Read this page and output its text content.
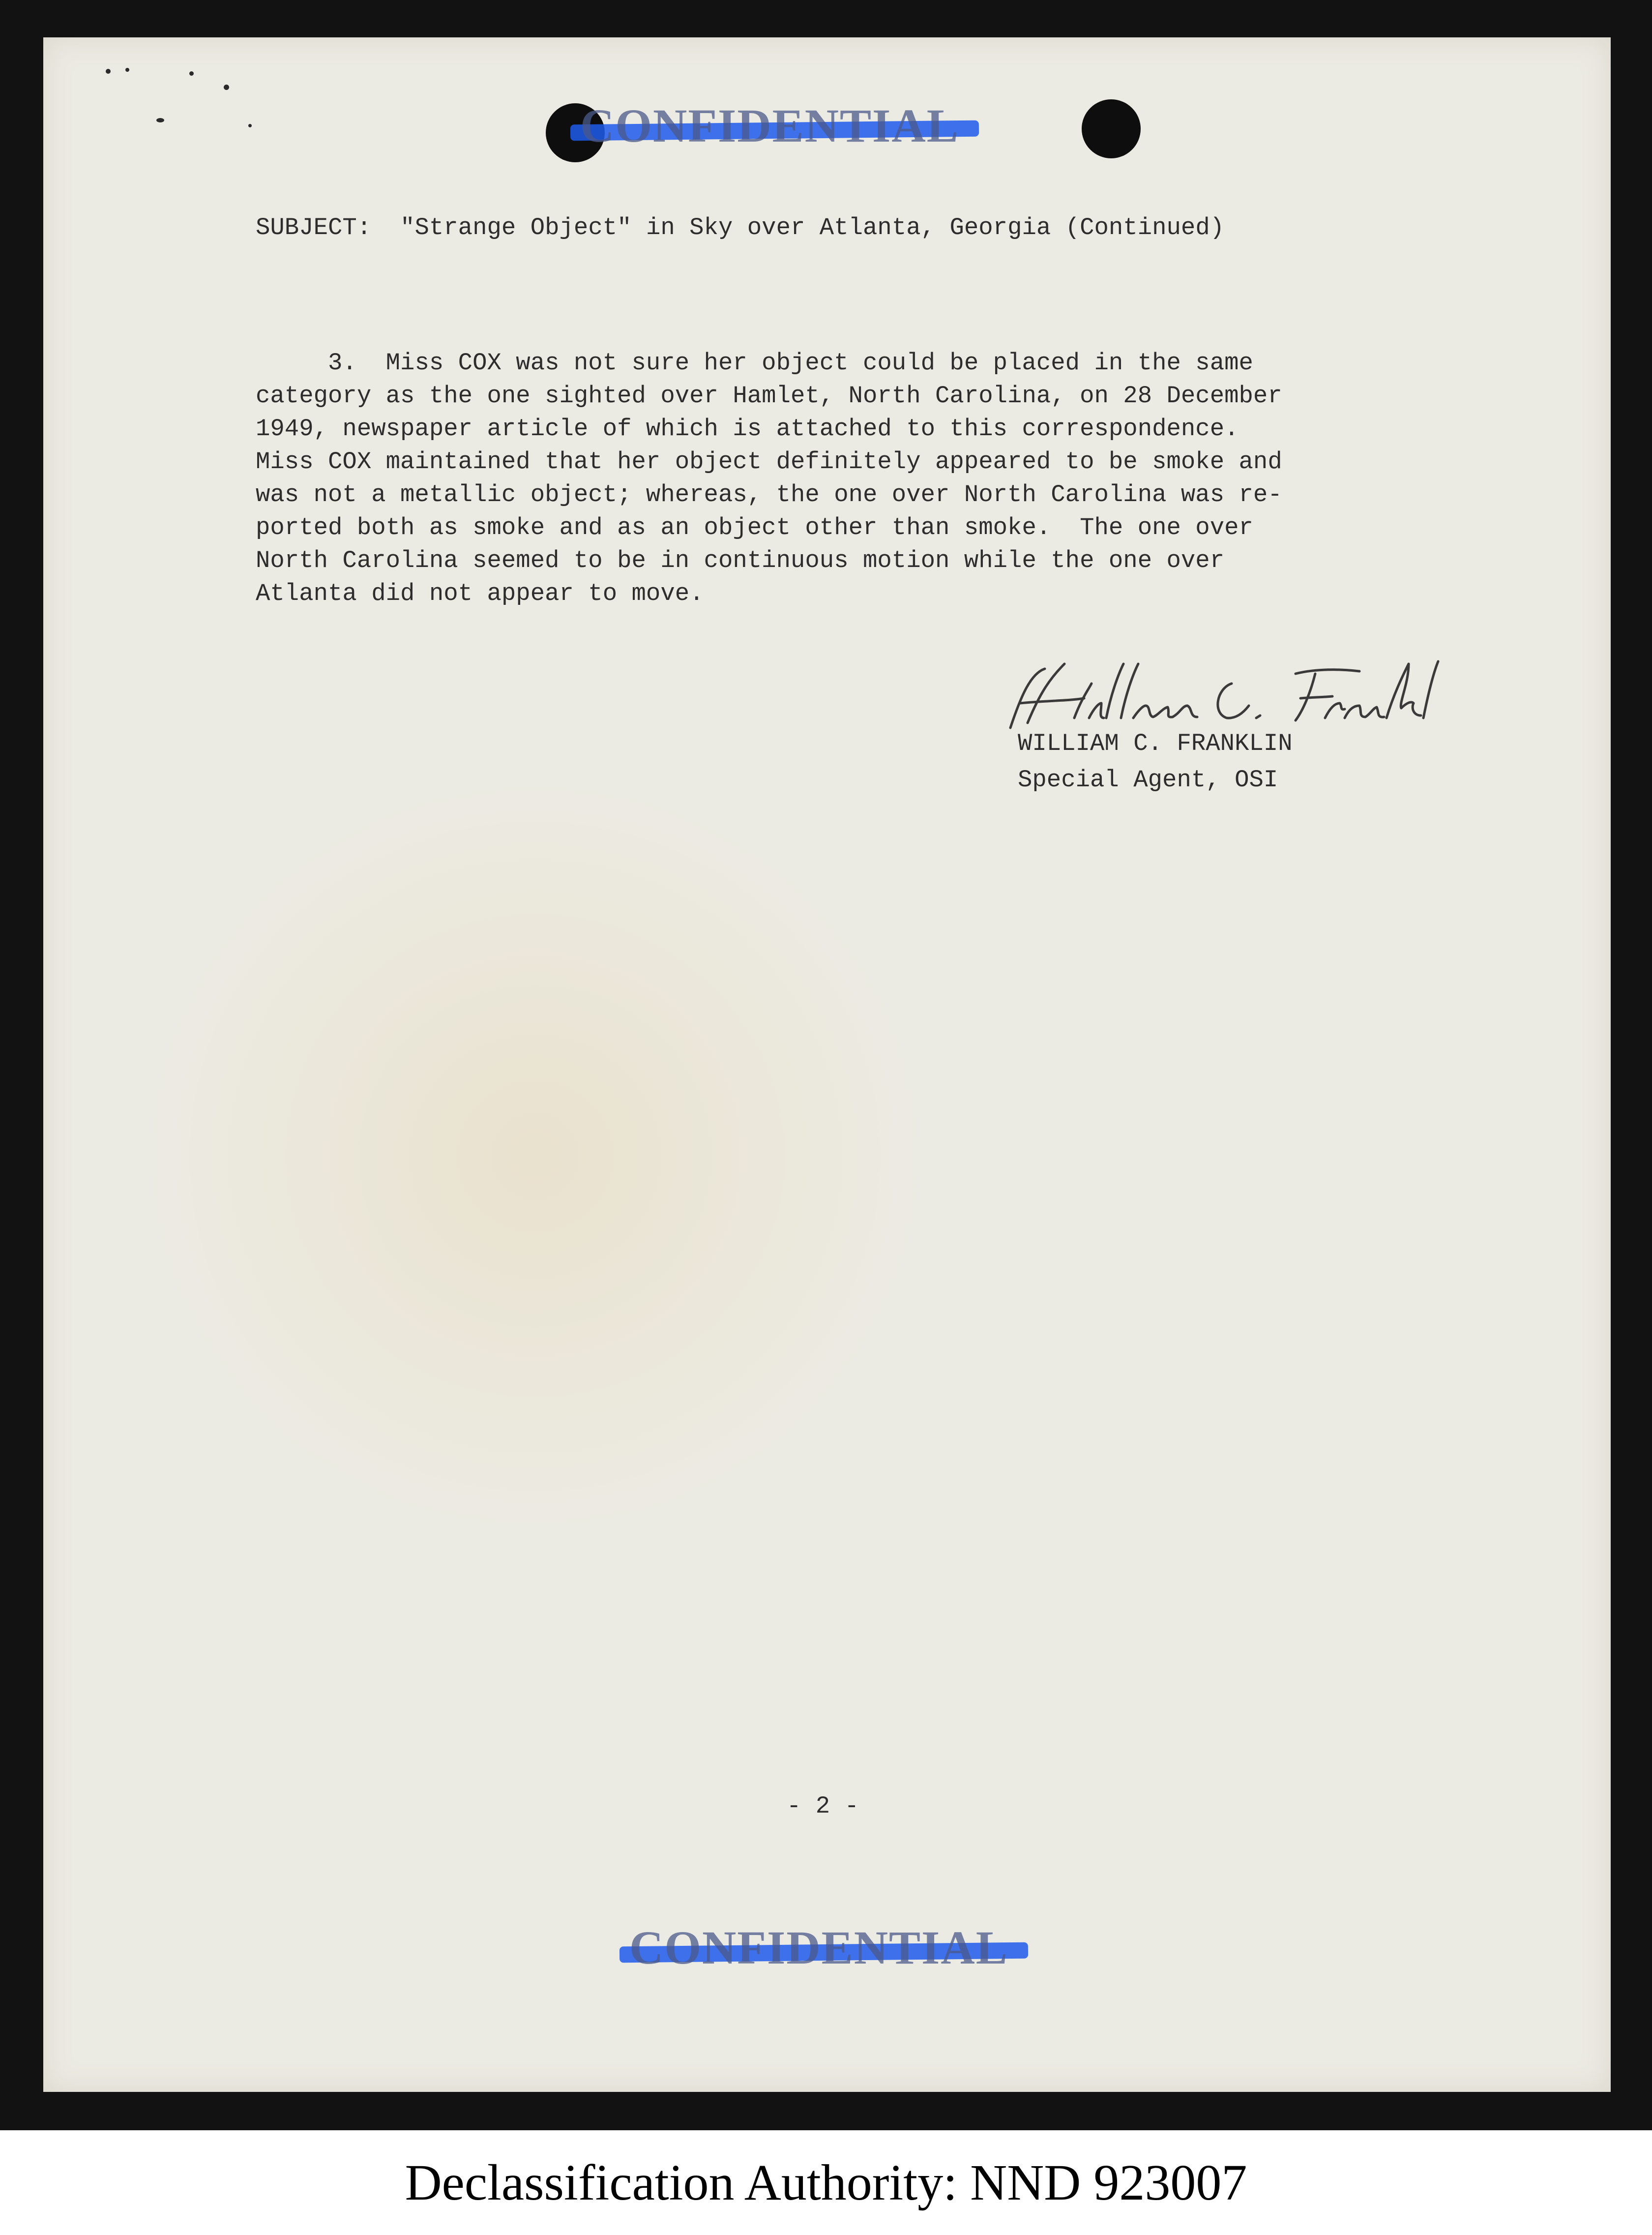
CONFIDENTIAL
SUBJECT: "Strange Object" in Sky over Atlanta, Georgia (Continued)
3.  Miss COX was not sure her object could be placed in the same
category as the one sighted over Hamlet, North Carolina, on 28 December
1949, newspaper article of which is attached to this correspondence.
Miss COX maintained that her object definitely appeared to be smoke and
was not a metallic object; whereas, the one over North Carolina was re-
ported both as smoke and as an object other than smoke.  The one over
North Carolina seemed to be in continuous motion while the one over
Atlanta did not appear to move.
WILLIAM C. FRANKLIN
Special Agent, OSI
- 2 -
CONFIDENTIAL
Declassification Authority: NND 923007
